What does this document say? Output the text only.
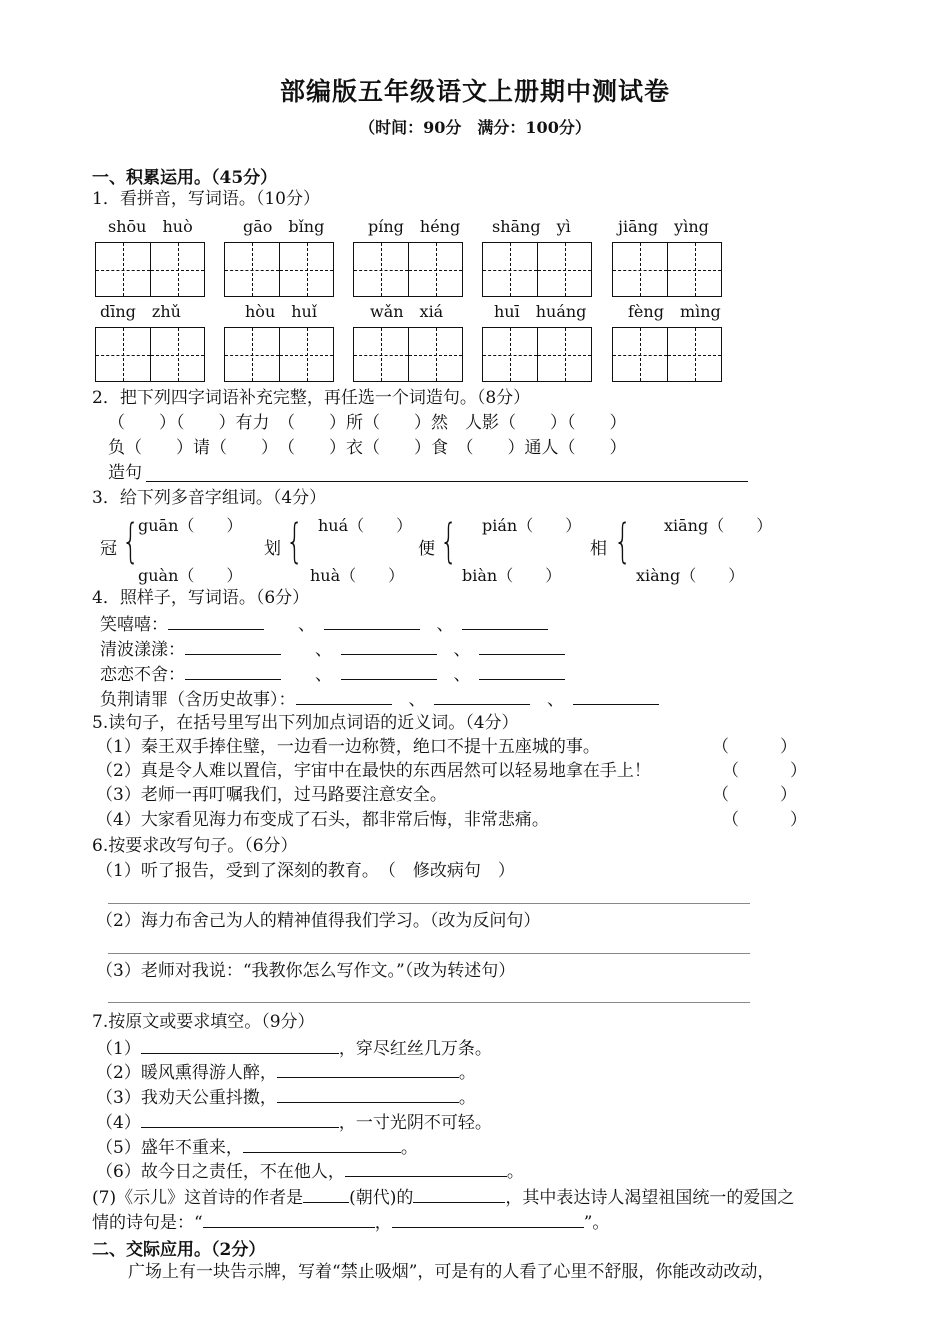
部编版五年级语文上册期中测试卷
（时间：90分　满分：100分）
一、积累运用。（45分）
1．看拼音，写词语。（10分）
shōu　huò	gāo　bǐng	píng　héng shāng　yì	jiāng　yìng
dīng　zhǔ	hòu　huǐ	wǎn　xiá	huī　huáng	fèng　mìng
2．把下列四字词语补充完整，再任选一个词造句。（8分）
（　　）（　　）有力　（　　）所（　　）然　人影（　　）（　　）
负（　　）请（　　）　（　　）衣（　　）食　（　　）通人（　　）
造句
3．给下列多音字组词。（4分）
冠 {
guān（　　）
guàn（　　）
划 { huá（　　）
huà（　　）
便 { pián（　　）
biàn（　　）
相 { xiāng（　　）
xiàng（　　）
4．照样子，写词语。（6分）
笑嘻嘻：　　	、　　	、　
清波漾漾：　　	、　　	、　
恋恋不舍：　　	、　　	、　
负荆请罪（含历史故事）：　	、　　	、　
5.读句子，在括号里写出下列加点词语的近义词。（4分）
（1）秦王双手捧住璧，一边看一边称赞，绝口不提十五座城的事。	（　　　）
（2）真是令人难以置信，宇宙中在最快的东西居然可以轻易地拿在手上！	（　　　）
（3）老师一再叮嘱我们，过马路要注意安全。	（　　　）
（4）大家看见海力布变成了石头，都非常后悔，非常悲痛。	（　　　）
6.按要求改写句子。（6分）
（1）听了报告，受到了深刻的教育。　（　修改病句　）
（2）海力布舍己为人的精神值得我们学习。（改为反问句）
（3）老师对我说：“我教你怎么写作文。”（改为转述句）
7.按原文或要求填空。（9分）
（1）	，穿尽红丝几万条。
（2）暖风熏得游人醉，	。
（3）我劝天公重抖擞，	。
（4）	，一寸光阴不可轻。
（5）盛年不重来，	。
（6）故今日之责任，不在他人，	。
(7)《示儿》这首诗的作者是	(朝代)的	，其中表达诗人渴望祖国统一的爱国之
情的诗句是：“	，	”。
二、交际应用。（2分）
广场上有一块告示牌，写着“禁止吸烟”，可是有的人看了心里不舒服，你能改动改动，
